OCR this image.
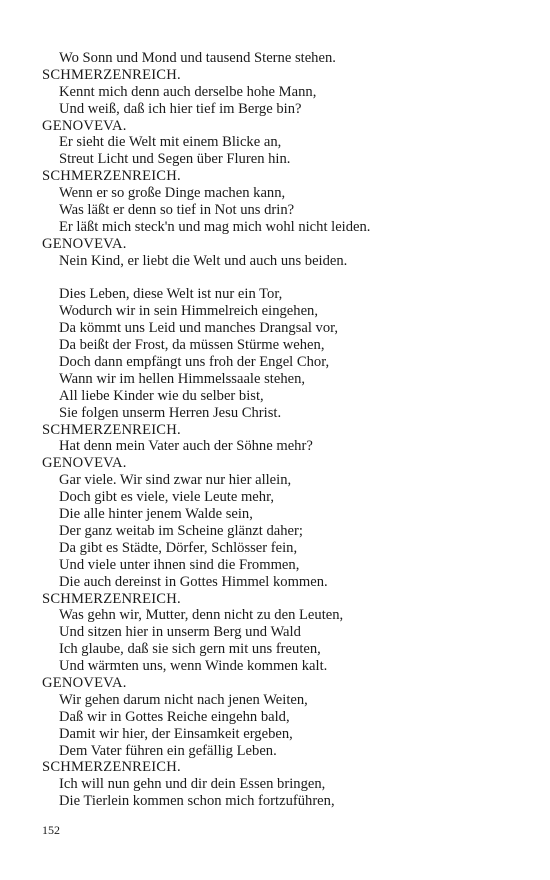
Wo Sonn und Mond und tausend Sterne stehen.
SCHMERZENREICH.
Kennt mich denn auch derselbe hohe Mann,
Und weiß, daß ich hier tief im Berge bin?
GENOVEVA.
Er sieht die Welt mit einem Blicke an,
Streut Licht und Segen über Fluren hin.
SCHMERZENREICH.
Wenn er so große Dinge machen kann,
Was läßt er denn so tief in Not uns drin?
Er läßt mich steck'n und mag mich wohl nicht leiden.
GENOVEVA.
Nein Kind, er liebt die Welt und auch uns beiden.
Dies Leben, diese Welt ist nur ein Tor,
Wodurch wir in sein Himmelreich eingehen,
Da kömmt uns Leid und manches Drangsal vor,
Da beißt der Frost, da müssen Stürme wehen,
Doch dann empfängt uns froh der Engel Chor,
Wann wir im hellen Himmelssaale stehen,
All liebe Kinder wie du selber bist,
Sie folgen unserm Herren Jesu Christ.
SCHMERZENREICH.
Hat denn mein Vater auch der Söhne mehr?
GENOVEVA.
Gar viele. Wir sind zwar nur hier allein,
Doch gibt es viele, viele Leute mehr,
Die alle hinter jenem Walde sein,
Der ganz weitab im Scheine glänzt daher;
Da gibt es Städte, Dörfer, Schlösser fein,
Und viele unter ihnen sind die Frommen,
Die auch dereinst in Gottes Himmel kommen.
SCHMERZENREICH.
Was gehn wir, Mutter, denn nicht zu den Leuten,
Und sitzen hier in unserm Berg und Wald
Ich glaube, daß sie sich gern mit uns freuten,
Und wärmten uns, wenn Winde kommen kalt.
GENOVEVA.
Wir gehen darum nicht nach jenen Weiten,
Daß wir in Gottes Reiche eingehn bald,
Damit wir hier, der Einsamkeit ergeben,
Dem Vater führen ein gefällig Leben.
SCHMERZENREICH.
Ich will nun gehn und dir dein Essen bringen,
Die Tierlein kommen schon mich fortzuführen,
152
